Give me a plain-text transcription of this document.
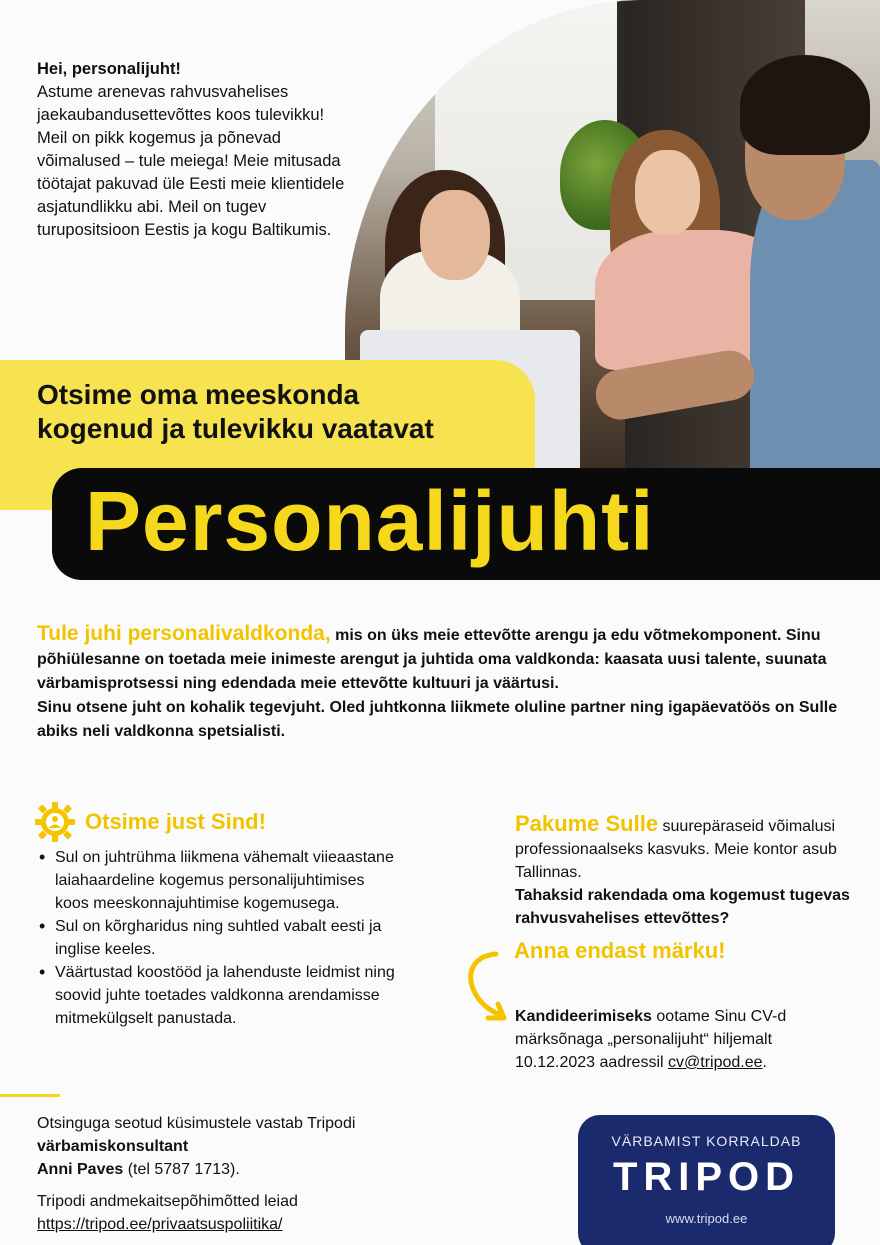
Hei, personalijuht!
Astume arenevas rahvusvahelises jaekaubandusettevõttes koos tulevikku! Meil on pikk kogemus ja põnevad võimalused – tule meiega! Meie mitusada töötajat pakuvad üle Eesti meie klientidele asjatundlikku abi. Meil on tugev turupositsioon Eestis ja kogu Baltikumis.
Otsime oma meeskonda
kogenud ja tulevikku vaatavat
Personalijuhti
Tule juhi personalivaldkonda, mis on üks meie ettevõtte arengu ja edu võtmekomponent. Sinu põhiülesanne on toetada meie inimeste arengut ja juhtida oma valdkonda: kaasata uusi talente, suunata värbamisprotsessi ning edendada meie ettevõtte kultuuri ja väärtusi.
Sinu otsene juht on kohalik tegevjuht. Oled juhtkonna liikmete oluline partner ning igapäevatöös on Sulle abiks neli valdkonna spetsialisti.
Otsime just Sind!
• Sul on juhtrühma liikmena vähemalt viieaastane laiahaardeline kogemus personalijuhtimises koos meeskonnajuhtimise kogemusega.
• Sul on kõrgharidus ning suhtled vabalt eesti ja inglise keeles.
• Väärtustad koostööd ja lahenduste leidmist ning soovid juhte toetades valdkonna arendamisse mitmekülgselt panustada.
Pakume Sulle suurepäraseid võimalusi professionaalseks kasvuks. Meie kontor asub Tallinnas.
Tahaksid rakendada oma kogemust tugevas rahvusvahelises ettevõttes?
Anna endast märku!
Kandideerimiseks ootame Sinu CV-d märksõnaga „personalijuht“ hiljemalt 10.12.2023 aadressil cv@tripod.ee.
Otsinguga seotud küsimustele vastab Tripodi värbamiskonsultant
Anni Paves (tel 5787 1713).
Tripodi andmekaitsepõhimõtted leiad
https://tripod.ee/privaatsuspoliitika/
VÄRBAMIST KORRALDAB
TRIPOD
www.tripod.ee
